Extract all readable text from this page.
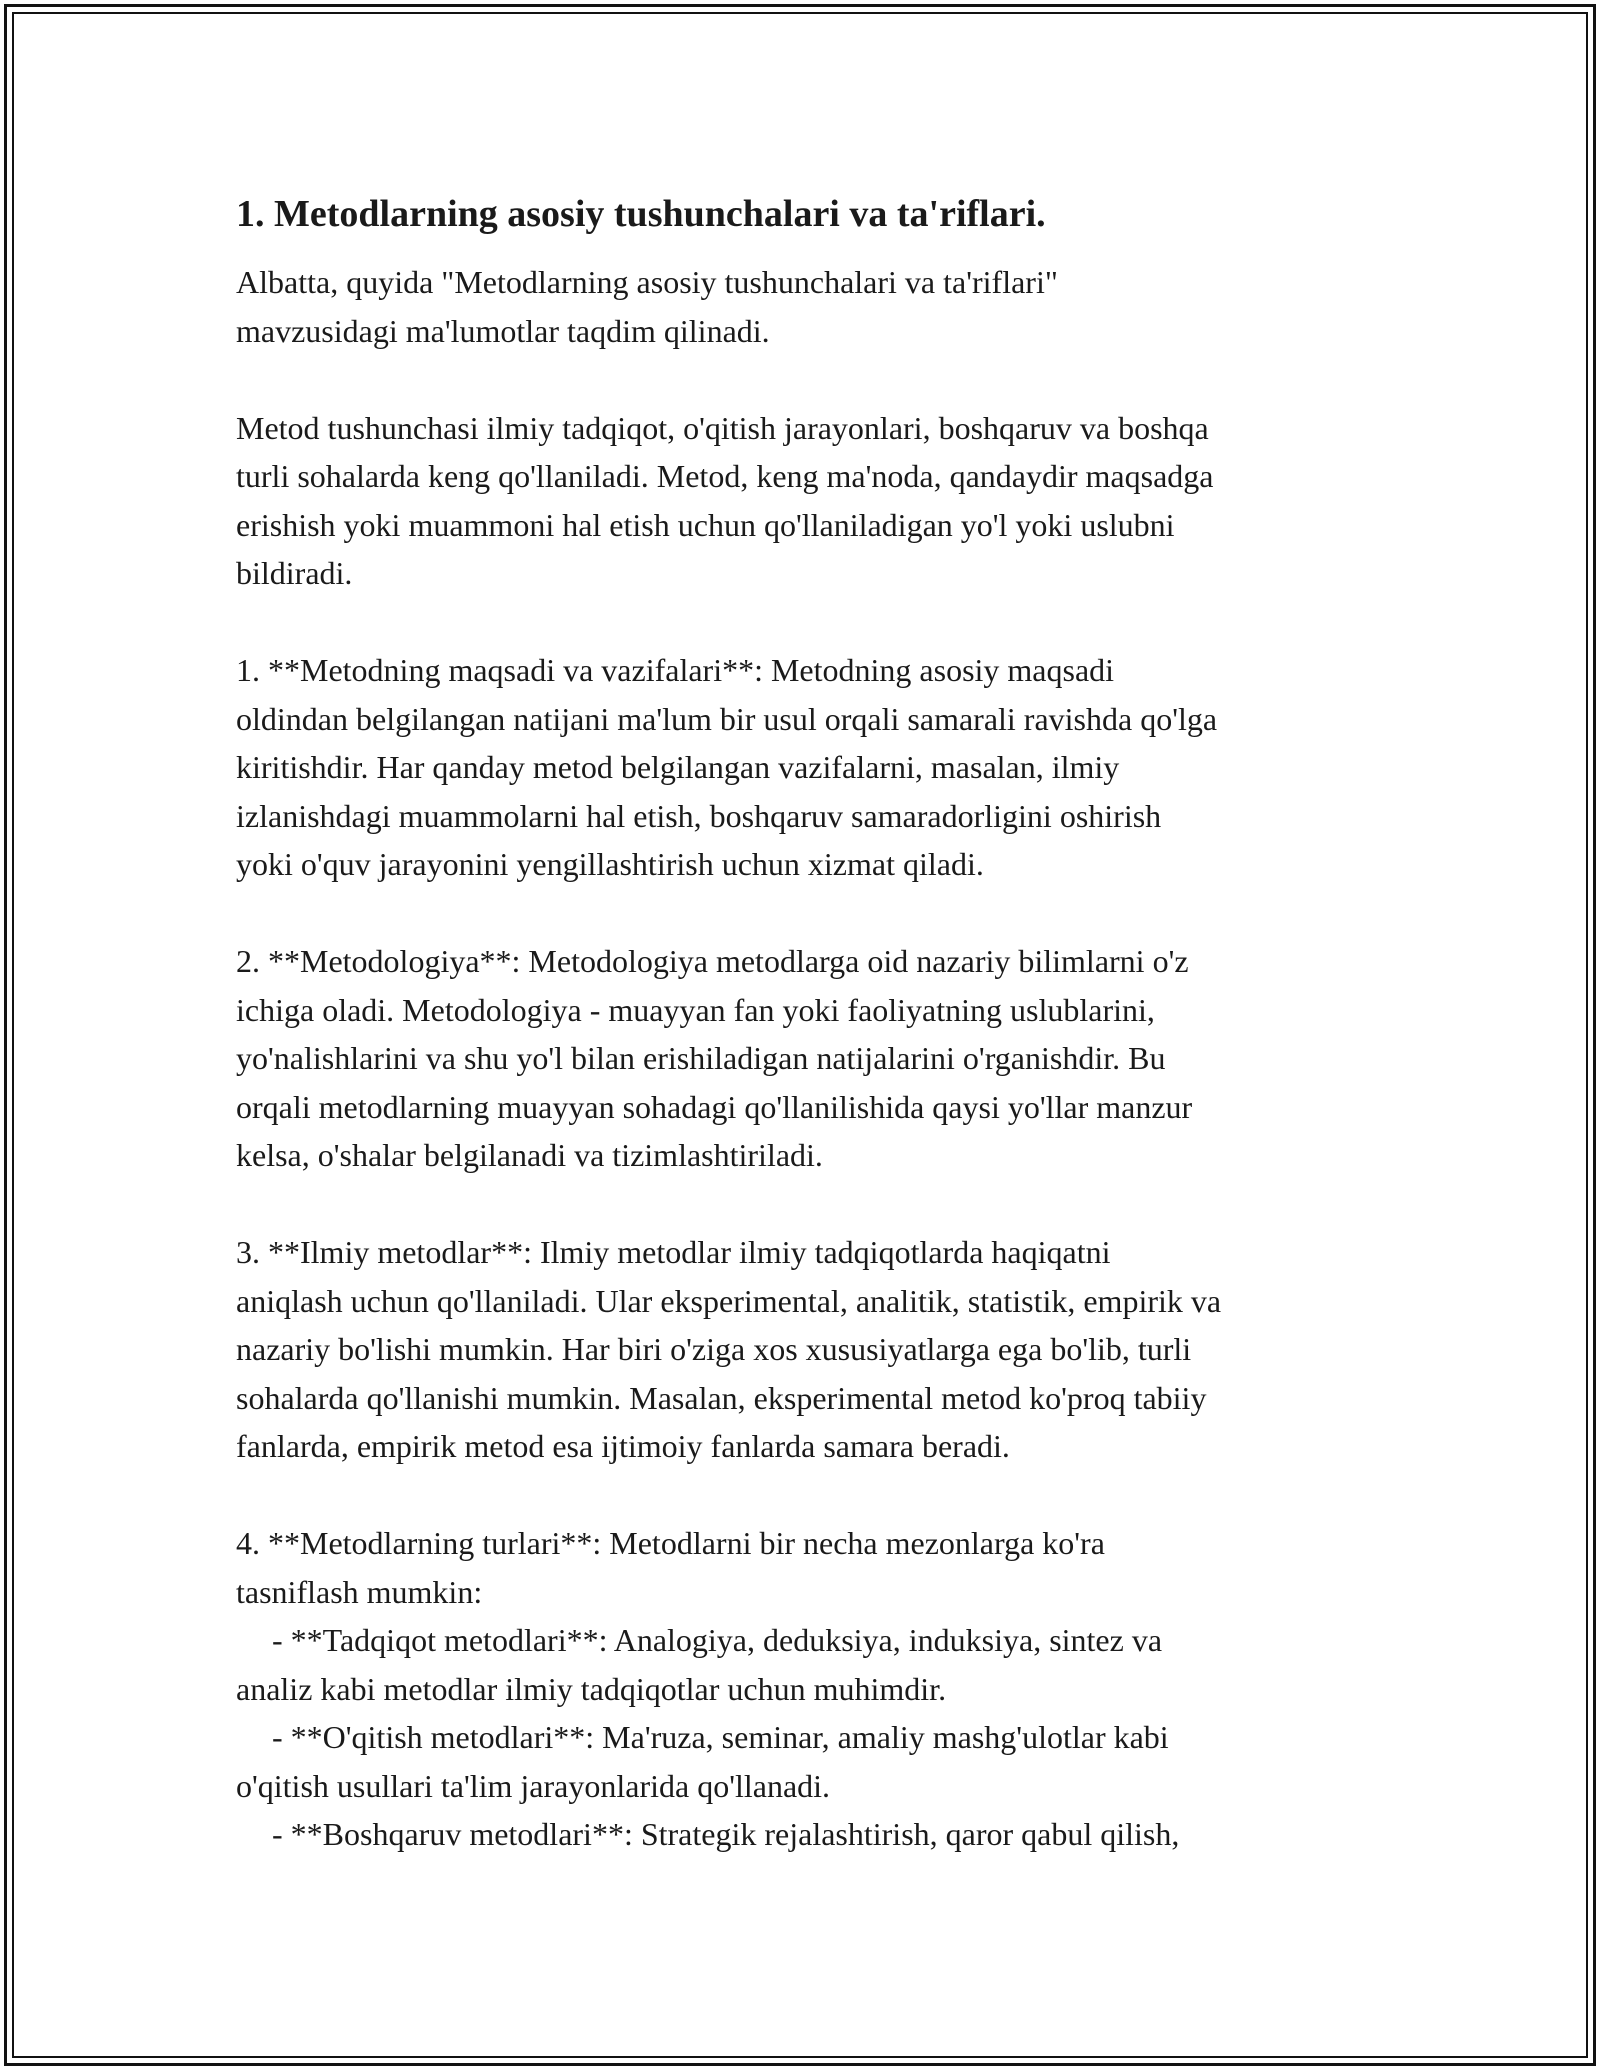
1. Metodlarning asosiy tushunchalari va ta'riflari.

Albatta, quyida "Metodlarning asosiy tushunchalari va ta'riflari"
mavzusidagi ma'lumotlar taqdim qilinadi.

Metod tushunchasi ilmiy tadqiqot, o'qitish jarayonlari, boshqaruv va boshqa
turli sohalarda keng qo'llaniladi. Metod, keng ma'noda, qandaydir maqsadga
erishish yoki muammoni hal etish uchun qo'llaniladigan yo'l yoki uslubni
bildiradi.

1. **Metodning maqsadi va vazifalari**: Metodning asosiy maqsadi
oldindan belgilangan natijani ma'lum bir usul orqali samarali ravishda qo'lga
kiritishdir. Har qanday metod belgilangan vazifalarni, masalan, ilmiy
izlanishdagi muammolarni hal etish, boshqaruv samaradorligini oshirish
yoki o'quv jarayonini yengillashtirish uchun xizmat qiladi.

2. **Metodologiya**: Metodologiya metodlarga oid nazariy bilimlarni o'z
ichiga oladi. Metodologiya - muayyan fan yoki faoliyatning uslublarini,
yo'nalishlarini va shu yo'l bilan erishiladigan natijalarini o'rganishdir. Bu
orqali metodlarning muayyan sohadagi qo'llanilishida qaysi yo'llar manzur
kelsa, o'shalar belgilanadi va tizimlashtiriladi.

3. **Ilmiy metodlar**: Ilmiy metodlar ilmiy tadqiqotlarda haqiqatni
aniqlash uchun qo'llaniladi. Ular eksperimental, analitik, statistik, empirik va
nazariy bo'lishi mumkin. Har biri o'ziga xos xususiyatlarga ega bo'lib, turli
sohalarda qo'llanishi mumkin. Masalan, eksperimental metod ko'proq tabiiy
fanlarda, empirik metod esa ijtimoiy fanlarda samara beradi.

4. **Metodlarning turlari**: Metodlarni bir necha mezonlarga ko'ra
tasniflash mumkin:
- **Tadqiqot metodlari**: Analogiya, deduksiya, induksiya, sintez va
analiz kabi metodlar ilmiy tadqiqotlar uchun muhimdir.
- **O'qitish metodlari**: Ma'ruza, seminar, amaliy mashg'ulotlar kabi
o'qitish usullari ta'lim jarayonlarida qo'llanadi.
- **Boshqaruv metodlari**: Strategik rejalashtirish, qaror qabul qilish,
